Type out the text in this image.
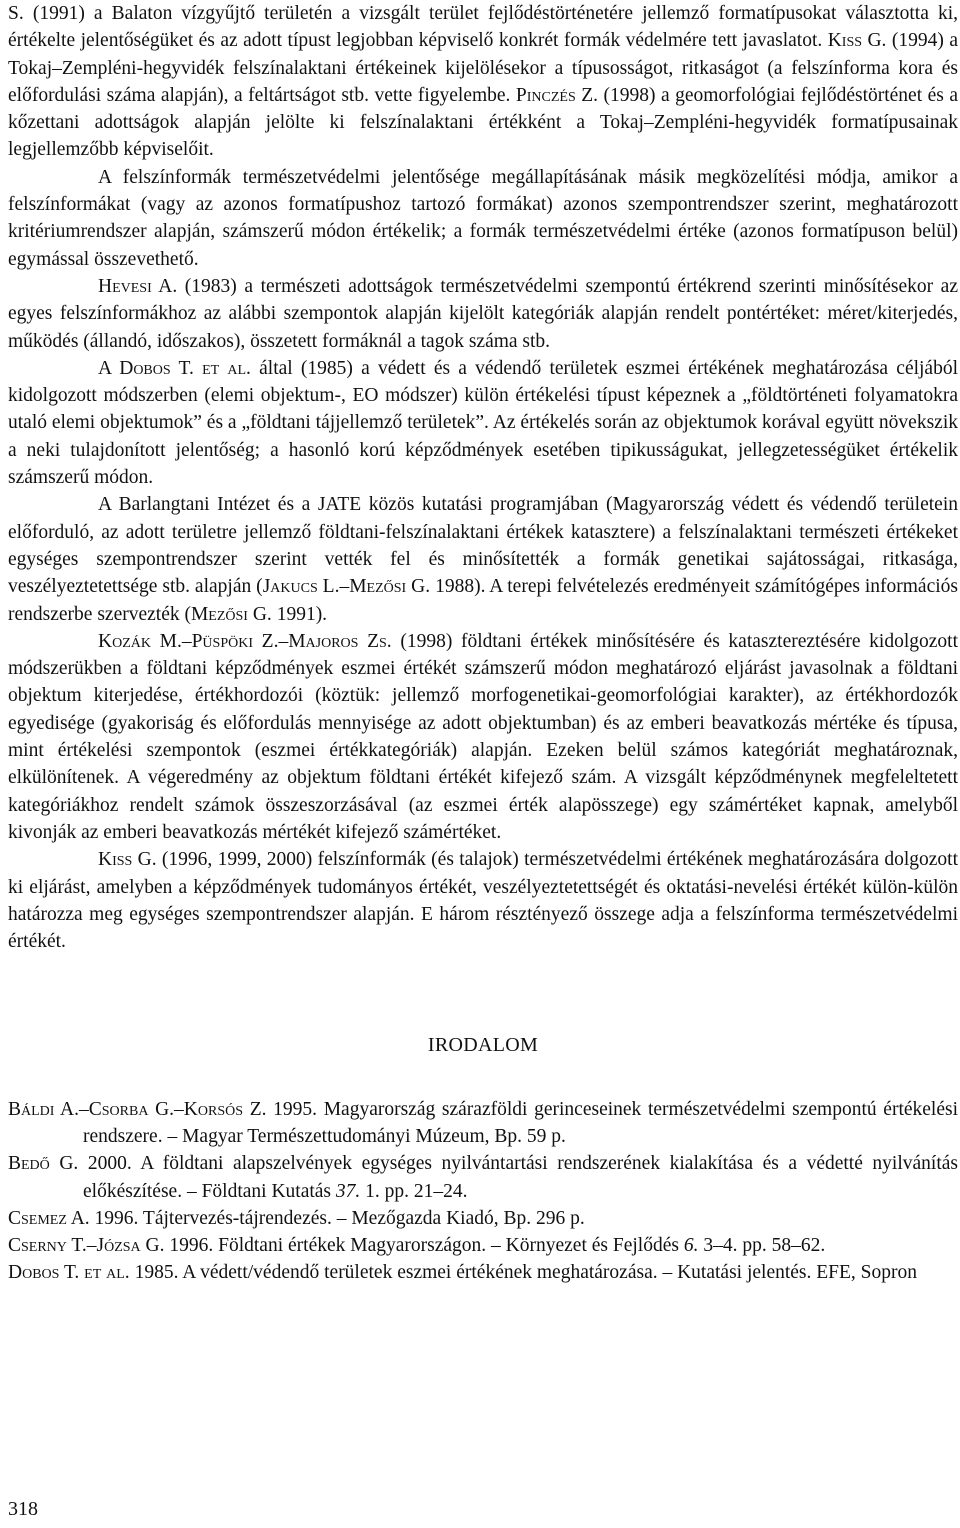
S. (1991) a Balaton vízgyűjtő területén a vizsgált terület fejlődéstörténetére jellemző formatípusokat választotta ki, értékelte jelentőségüket és az adott típust legjobban képviselő konkrét formák védelmére tett javaslatot. Kiss G. (1994) a Tokaj–Zempléni-hegyvidék felszínalaktani értékeinek kijelölésekor a típusosságot, ritkaságot (a felszínforma kora és előfordulási száma alapján), a feltártságot stb. vette figyelembe. Pinczés Z. (1998) a geomorfológiai fejlődéstörténet és a kőzettani adottságok alapján jelölte ki felszínalaktani értékként a Tokaj–Zempléni-hegyvidék formatípusainak legjellemzőbb képviselőit.

A felszínformák természetvédelmi jelentősége megállapításának másik megközelítési módja, amikor a felszínformákat (vagy az azonos formatípushoz tartozó formákat) azonos szempontrendszer szerint, meghatározott kritériumrendszer alapján, számszerű módon értékelik; a formák természetvédelmi értéke (azonos formatípuson belül) egymással összevethető.

Hevesi A. (1983) a természeti adottságok természetvédelmi szempontú értékrend szerinti minősítésekor az egyes felszínformákhoz az alábbi szempontok alapján kijelölt kategóriák alapján rendelt pontértéket: méret/kiterjedés, működés (állandó, időszakos), összetett formáknál a tagok száma stb.

A Dobos T. et al. által (1985) a védett és a védendő területek eszmei értékének meghatározása céljából kidolgozott módszerben (elemi objektum-, EO módszer) külön értékelési típust képeznek a „földtörténeti folyamatokra utaló elemi objektumok” és a „földtani tájjellemző területek”. Az értékelés során az objektumok korával együtt növekszik a neki tulajdonított jelentőség; a hasonló korú képződmények esetében tipikusságukat, jellegzetességüket értékelik számszerű módon.

A Barlangtani Intézet és a JATE közös kutatási programjában (Magyarország védett és védendő területein előforduló, az adott területre jellemző földtani-felszínalaktani értékek katasztere) a felszínalaktani természeti értékeket egységes szempontrendszer szerint vették fel és minősítették a formák genetikai sajátosságai, ritkasága, veszélyeztetettsége stb. alapján (Jakucs L.–Mezősi G. 1988). A terepi felvételezés eredményeit számítógépes információs rendszerbe szervezték (Mezősi G. 1991).

Kozák M.–Püspöki Z.–Majoros Zs. (1998) földtani értékek minősítésére és katasztereztésére kidolgozott módszerükben a földtani képződmények eszmei értékét számszerű módon meghatározó eljárást javasolnak a földtani objektum kiterjedése, értékhordozói (köztük: jellemző morfogenetikai-geomorfológiai karakter), az értékhordozók egyedisége (gyakoriság és előfordulás mennyisége az adott objektumban) és az emberi beavatkozás mértéke és típusa, mint értékelési szempontok (eszmei értékkategóriák) alapján. Ezeken belül számos kategóriát meghatároznak, elkülönítenek. A végeredmény az objektum földtani értékét kifejező szám. A vizsgált képződménynek megfeleltetett kategóriákhoz rendelt számok összeszorzásával (az eszmei érték alapösszege) egy számértéket kapnak, amelyből kivonják az emberi beavatkozás mértékét kifejező számértéket.

Kiss G. (1996, 1999, 2000) felszínformák (és talajok) természetvédelmi értékének meghatározására dolgozott ki eljárást, amelyben a képződmények tudományos értékét, veszélyeztetettségét és oktatási-nevelési értékét külön-külön határozza meg egységes szempontrendszer alapján. E három résztényező összege adja a felszínforma természetvédelmi értékét.

IRODALOM

Báldi A.–Csorba G.–Korsós Z. 1995. Magyarország szárazföldi gerinceseinek természetvédelmi szempontú értékelési rendszere. – Magyar Természettudományi Múzeum, Bp. 59 p.

Bedő G. 2000. A földtani alapszelvények egységes nyilvántartási rendszerének kialakítása és a védetté nyilvánítás előkészítése. – Földtani Kutatás 37. 1. pp. 21–24.

Csemez A. 1996. Tájtervezés-tájrendezés. – Mezőgazda Kiadó, Bp. 296 p.

Cserny T.–Józsa G. 1996. Földtani értékek Magyarországon. – Környezet és Fejlődés 6. 3–4. pp. 58–62.

Dobos T. et al. 1985. A védett/védendő területek eszmei értékének meghatározása. – Kutatási jelentés. EFE, Sopron

318
